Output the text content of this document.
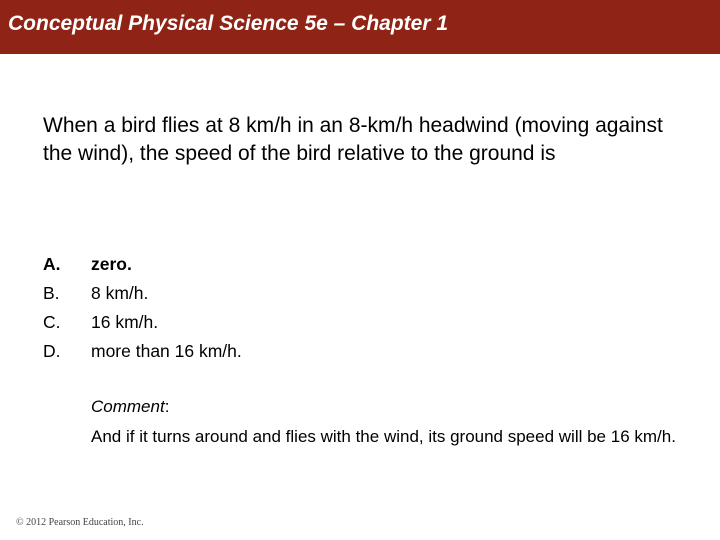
Conceptual Physical Science 5e – Chapter 1
When a bird flies at 8 km/h in an 8-km/h headwind (moving against the wind), the speed of the bird relative to the ground is
A.	zero.
B.	8 km/h.
C.	16 km/h.
D.	more than 16 km/h.
Comment:
And if it turns around and flies with the wind, its ground speed will be 16 km/h.
© 2012 Pearson Education, Inc.
